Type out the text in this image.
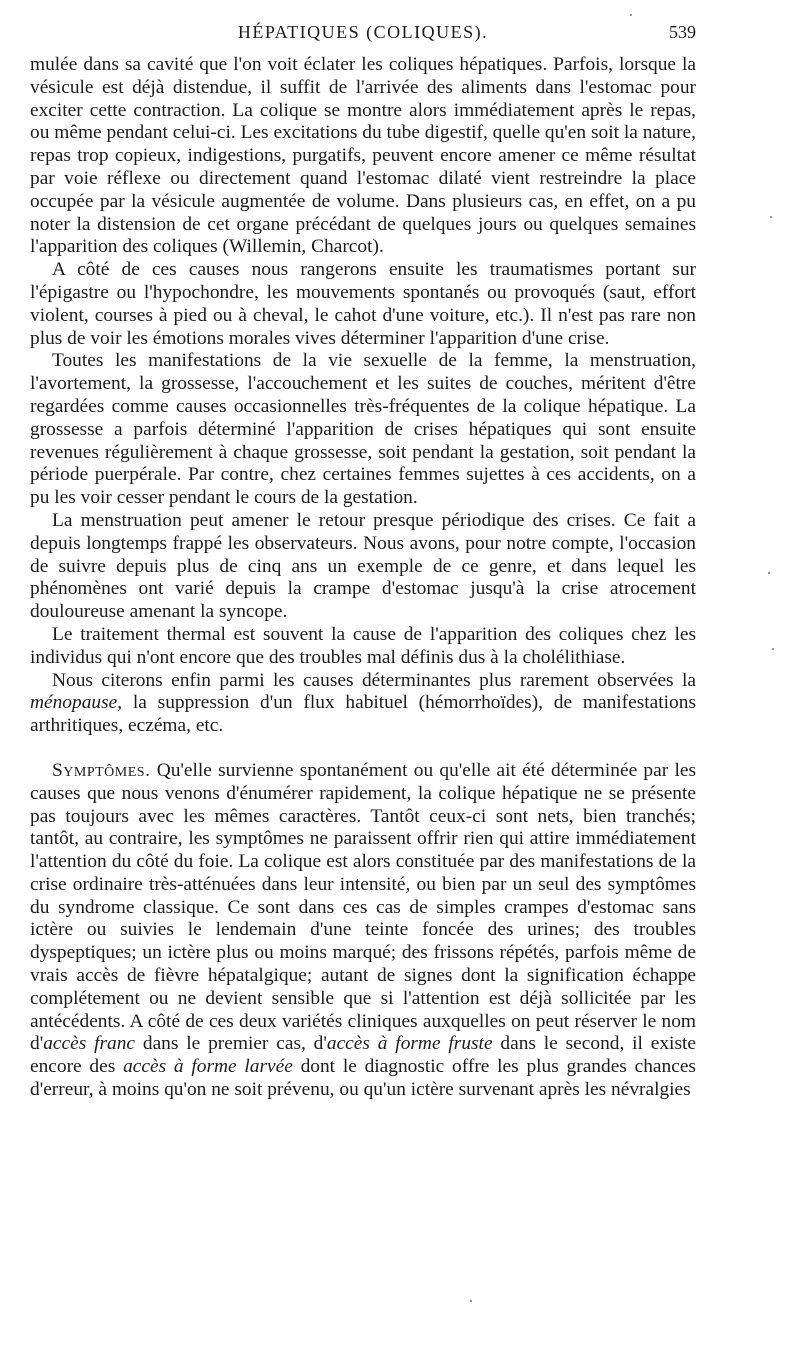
HÉPATIQUES (COLIQUES).	539

mulée dans sa cavité que l'on voit éclater les coliques hépatiques. Parfois, lorsque la vésicule est déjà distendue, il suffit de l'arrivée des aliments dans l'estomac pour exciter cette contraction. La colique se montre alors immédiatement après le repas, ou même pendant celui-ci. Les excitations du tube digestif, quelle qu'en soit la nature, repas trop copieux, indigestions, purgatifs, peuvent encore amener ce même résultat par voie réflexe ou directement quand l'estomac dilaté vient restreindre la place occupée par la vésicule augmentée de volume. Dans plusieurs cas, en effet, on a pu noter la distension de cet organe précédant de quelques jours ou quelques semaines l'apparition des coliques (Willemin, Charcot).

A côté de ces causes nous rangerons ensuite les traumatismes portant sur l'épigastre ou l'hypochondre, les mouvements spontanés ou provoqués (saut, effort violent, courses à pied ou à cheval, le cahot d'une voiture, etc.). Il n'est pas rare non plus de voir les émotions morales vives déterminer l'apparition d'une crise.

Toutes les manifestations de la vie sexuelle de la femme, la menstruation, l'avortement, la grossesse, l'accouchement et les suites de couches, méritent d'être regardées comme causes occasionnelles très-fréquentes de la colique hépatique. La grossesse a parfois déterminé l'apparition de crises hépatiques qui sont ensuite revenues régulièrement à chaque grossesse, soit pendant la gestation, soit pendant la période puerpérale. Par contre, chez certaines femmes sujettes à ces accidents, on a pu les voir cesser pendant le cours de la gestation.

La menstruation peut amener le retour presque périodique des crises. Ce fait a depuis longtemps frappé les observateurs. Nous avons, pour notre compte, l'occasion de suivre depuis plus de cinq ans un exemple de ce genre, et dans lequel les phénomènes ont varié depuis la crampe d'estomac jusqu'à la crise atrocement douloureuse amenant la syncope.

Le traitement thermal est souvent la cause de l'apparition des coliques chez les individus qui n'ont encore que des troubles mal définis dus à la cholélithiase.

Nous citerons enfin parmi les causes déterminantes plus rarement observées la ménopause, la suppression d'un flux habituel (hémorrhoïdes), de manifestations arthritiques, eczéma, etc.

Symptômes. Qu'elle survienne spontanément ou qu'elle ait été déterminée par les causes que nous venons d'énumérer rapidement, la colique hépatique ne se présente pas toujours avec les mêmes caractères. Tantôt ceux-ci sont nets, bien tranchés; tantôt, au contraire, les symptômes ne paraissent offrir rien qui attire immédiatement l'attention du côté du foie. La colique est alors constituée par des manifestations de la crise ordinaire très-atténuées dans leur intensité, ou bien par un seul des symptômes du syndrome classique. Ce sont dans ces cas de simples crampes d'estomac sans ictère ou suivies le lendemain d'une teinte foncée des urines; des troubles dyspeptiques; un ictère plus ou moins marqué; des frissons répétés, parfois même de vrais accès de fièvre hépatalgique; autant de signes dont la signification échappe complétement ou ne devient sensible que si l'attention est déjà sollicitée par les antécédents. A côté de ces deux variétés cliniques auxquelles on peut réserver le nom d'accès franc dans le premier cas, d'accès à forme fruste dans le second, il existe encore des accès à forme larvée dont le diagnostic offre les plus grandes chances d'erreur, à moins qu'on ne soit prévenu, ou qu'un ictère survenant après les névralgies
